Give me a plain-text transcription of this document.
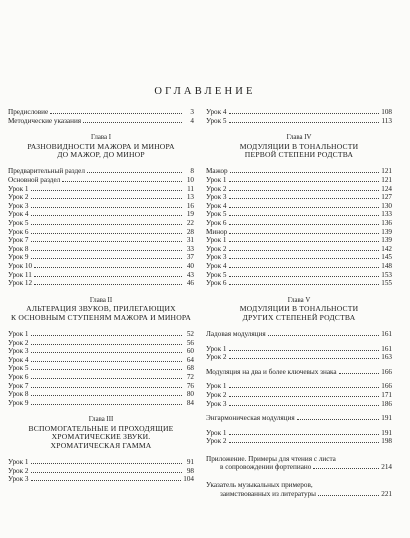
ОГЛАВЛЕНИЕ
Предисловие	3
Методические указания	4
Глава I
РАЗНОВИДНОСТИ МАЖОРА И МИНОРА
ДО МАЖОР, ДО МИНОР
Предварительный раздел	8
Основной раздел	10
Урок 1	11
Урок 2	13
Урок 3	16
Урок 4	19
Урок 5	22
Урок 6	28
Урок 7	31
Урок 8	33
Урок 9	37
Урок 10	40
Урок 11	43
Урок 12	46
Глава II
АЛЬТЕРАЦИЯ ЗВУКОВ, ПРИЛЕГАЮЩИХ
К ОСНОВНЫМ СТУПЕНЯМ МАЖОРА И МИНОРА
Урок 1	52
Урок 2	56
Урок 3	60
Урок 4	64
Урок 5	68
Урок 6	72
Урок 7	76
Урок 8	80
Урок 9	84
Глава III
ВСПОМОГАТЕЛЬНЫЕ И ПРОХОДЯЩИЕ
ХРОМАТИЧЕСКИЕ ЗВУКИ.
ХРОМАТИЧЕСКАЯ ГАММА
Урок 1	91
Урок 2	98
Урок 3	104
Урок 4	108
Урок 5	113
Глава IV
МОДУЛЯЦИИ В ТОНАЛЬНОСТИ
ПЕРВОЙ СТЕПЕНИ РОДСТВА
Мажор	121
Урок 1	121
Урок 2	124
Урок 3	127
Урок 4	130
Урок 5	133
Урок 6	136
Минор	139
Урок 1	139
Урок 2	142
Урок 3	145
Урок 4	148
Урок 5	153
Урок 6	155
Глава V
МОДУЛЯЦИИ В ТОНАЛЬНОСТИ
ДРУГИХ СТЕПЕНЕЙ РОДСТВА
Ладовая модуляция	161
Урок 1	161
Урок 2	163
Модуляция на два и более ключевых знака	166
Урок 1	166
Урок 2	171
Урок 3	186
Энгармоническая модуляция	191
Урок 1	191
Урок 2	198
Приложение. Примеры для чтения с листа
в сопровождении фортепиано	214
Указатель музыкальных примеров,
заимствованных из литературы	221
